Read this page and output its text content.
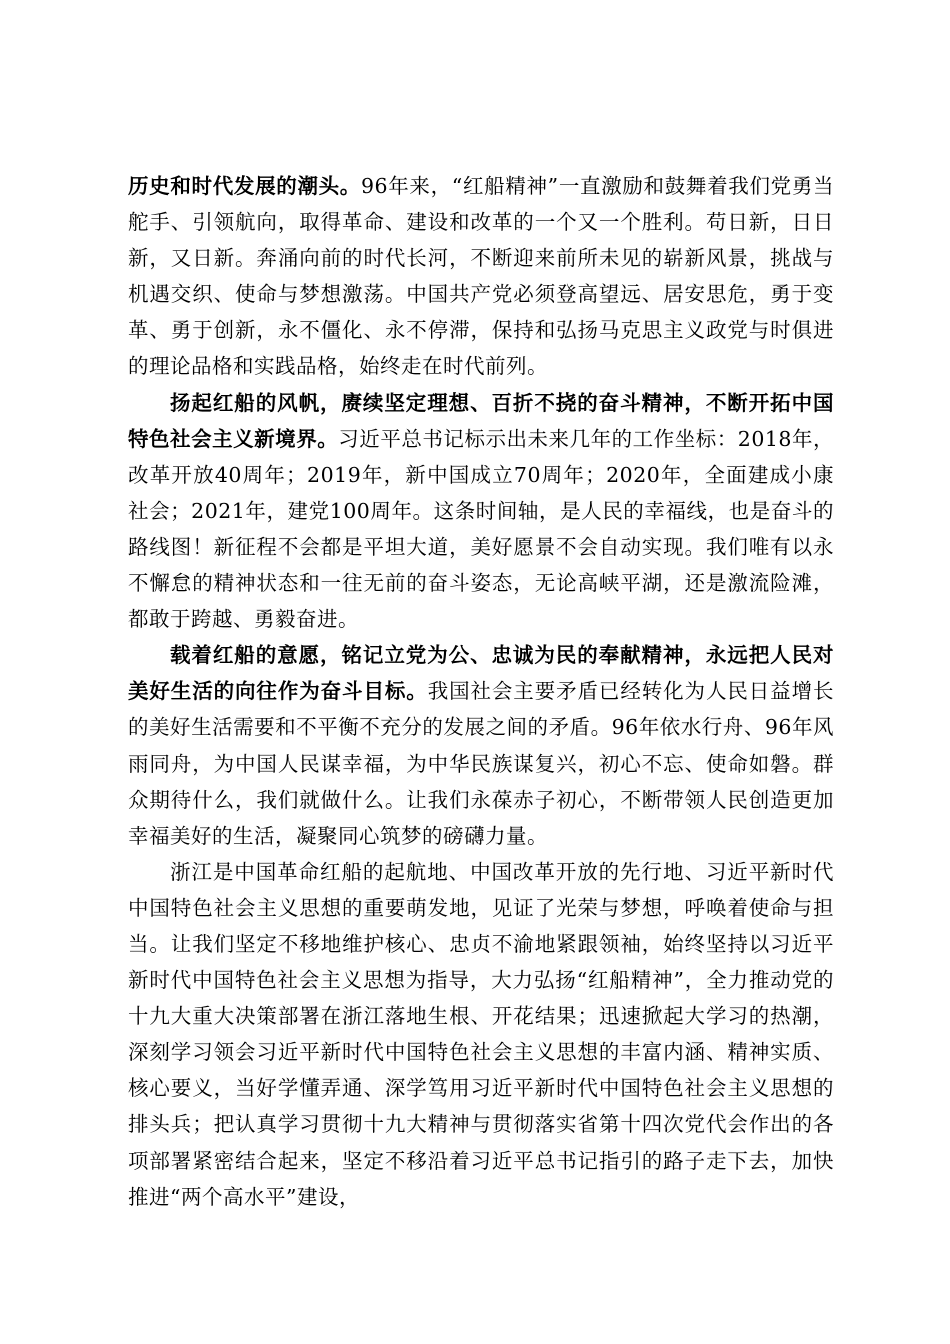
历史和时代发展的潮头。96年来，“红船精神”一直激励和鼓舞着我们党勇当舵手、引领航向，取得革命、建设和改革的一个又一个胜利。苟日新，日日新，又日新。奔涌向前的时代长河，不断迎来前所未见的崭新风景，挑战与机遇交织、使命与梦想激荡。中国共产党必须登高望远、居安思危，勇于变革、勇于创新，永不僵化、永不停滞，保持和弘扬马克思主义政党与时俱进的理论品格和实践品格，始终走在时代前列。

扬起红船的风帆，赓续坚定理想、百折不挠的奋斗精神，不断开拓中国特色社会主义新境界。习近平总书记标示出未来几年的工作坐标：2018年，改革开放40周年；2019年，新中国成立70周年；2020年，全面建成小康社会；2021年，建党100周年。这条时间轴，是人民的幸福线，也是奋斗的路线图！新征程不会都是平坦大道，美好愿景不会自动实现。我们唯有以永不懈怠的精神状态和一往无前的奋斗姿态，无论高峡平湖，还是激流险滩，都敢于跨越、勇毅奋进。

载着红船的意愿，铭记立党为公、忠诚为民的奉献精神，永远把人民对美好生活的向往作为奋斗目标。我国社会主要矛盾已经转化为人民日益增长的美好生活需要和不平衡不充分的发展之间的矛盾。96年依水行舟、96年风雨同舟，为中国人民谋幸福，为中华民族谋复兴，初心不忘、使命如磐。群众期待什么，我们就做什么。让我们永葆赤子初心，不断带领人民创造更加幸福美好的生活，凝聚同心筑梦的磅礴力量。

浙江是中国革命红船的起航地、中国改革开放的先行地、习近平新时代中国特色社会主义思想的重要萌发地，见证了光荣与梦想，呼唤着使命与担当。让我们坚定不移地维护核心、忠贞不渝地紧跟领袖，始终坚持以习近平新时代中国特色社会主义思想为指导，大力弘扬“红船精神”，全力推动党的十九大重大决策部署在浙江落地生根、开花结果；迅速掀起大学习的热潮，深刻学习领会习近平新时代中国特色社会主义思想的丰富内涵、精神实质、核心要义，当好学懂弄通、深学笃用习近平新时代中国特色社会主义思想的排头兵；把认真学习贯彻十九大精神与贯彻落实省第十四次党代会作出的各项部署紧密结合起来，坚定不移沿着习近平总书记指引的路子走下去，加快推进“两个高水平”建设，
